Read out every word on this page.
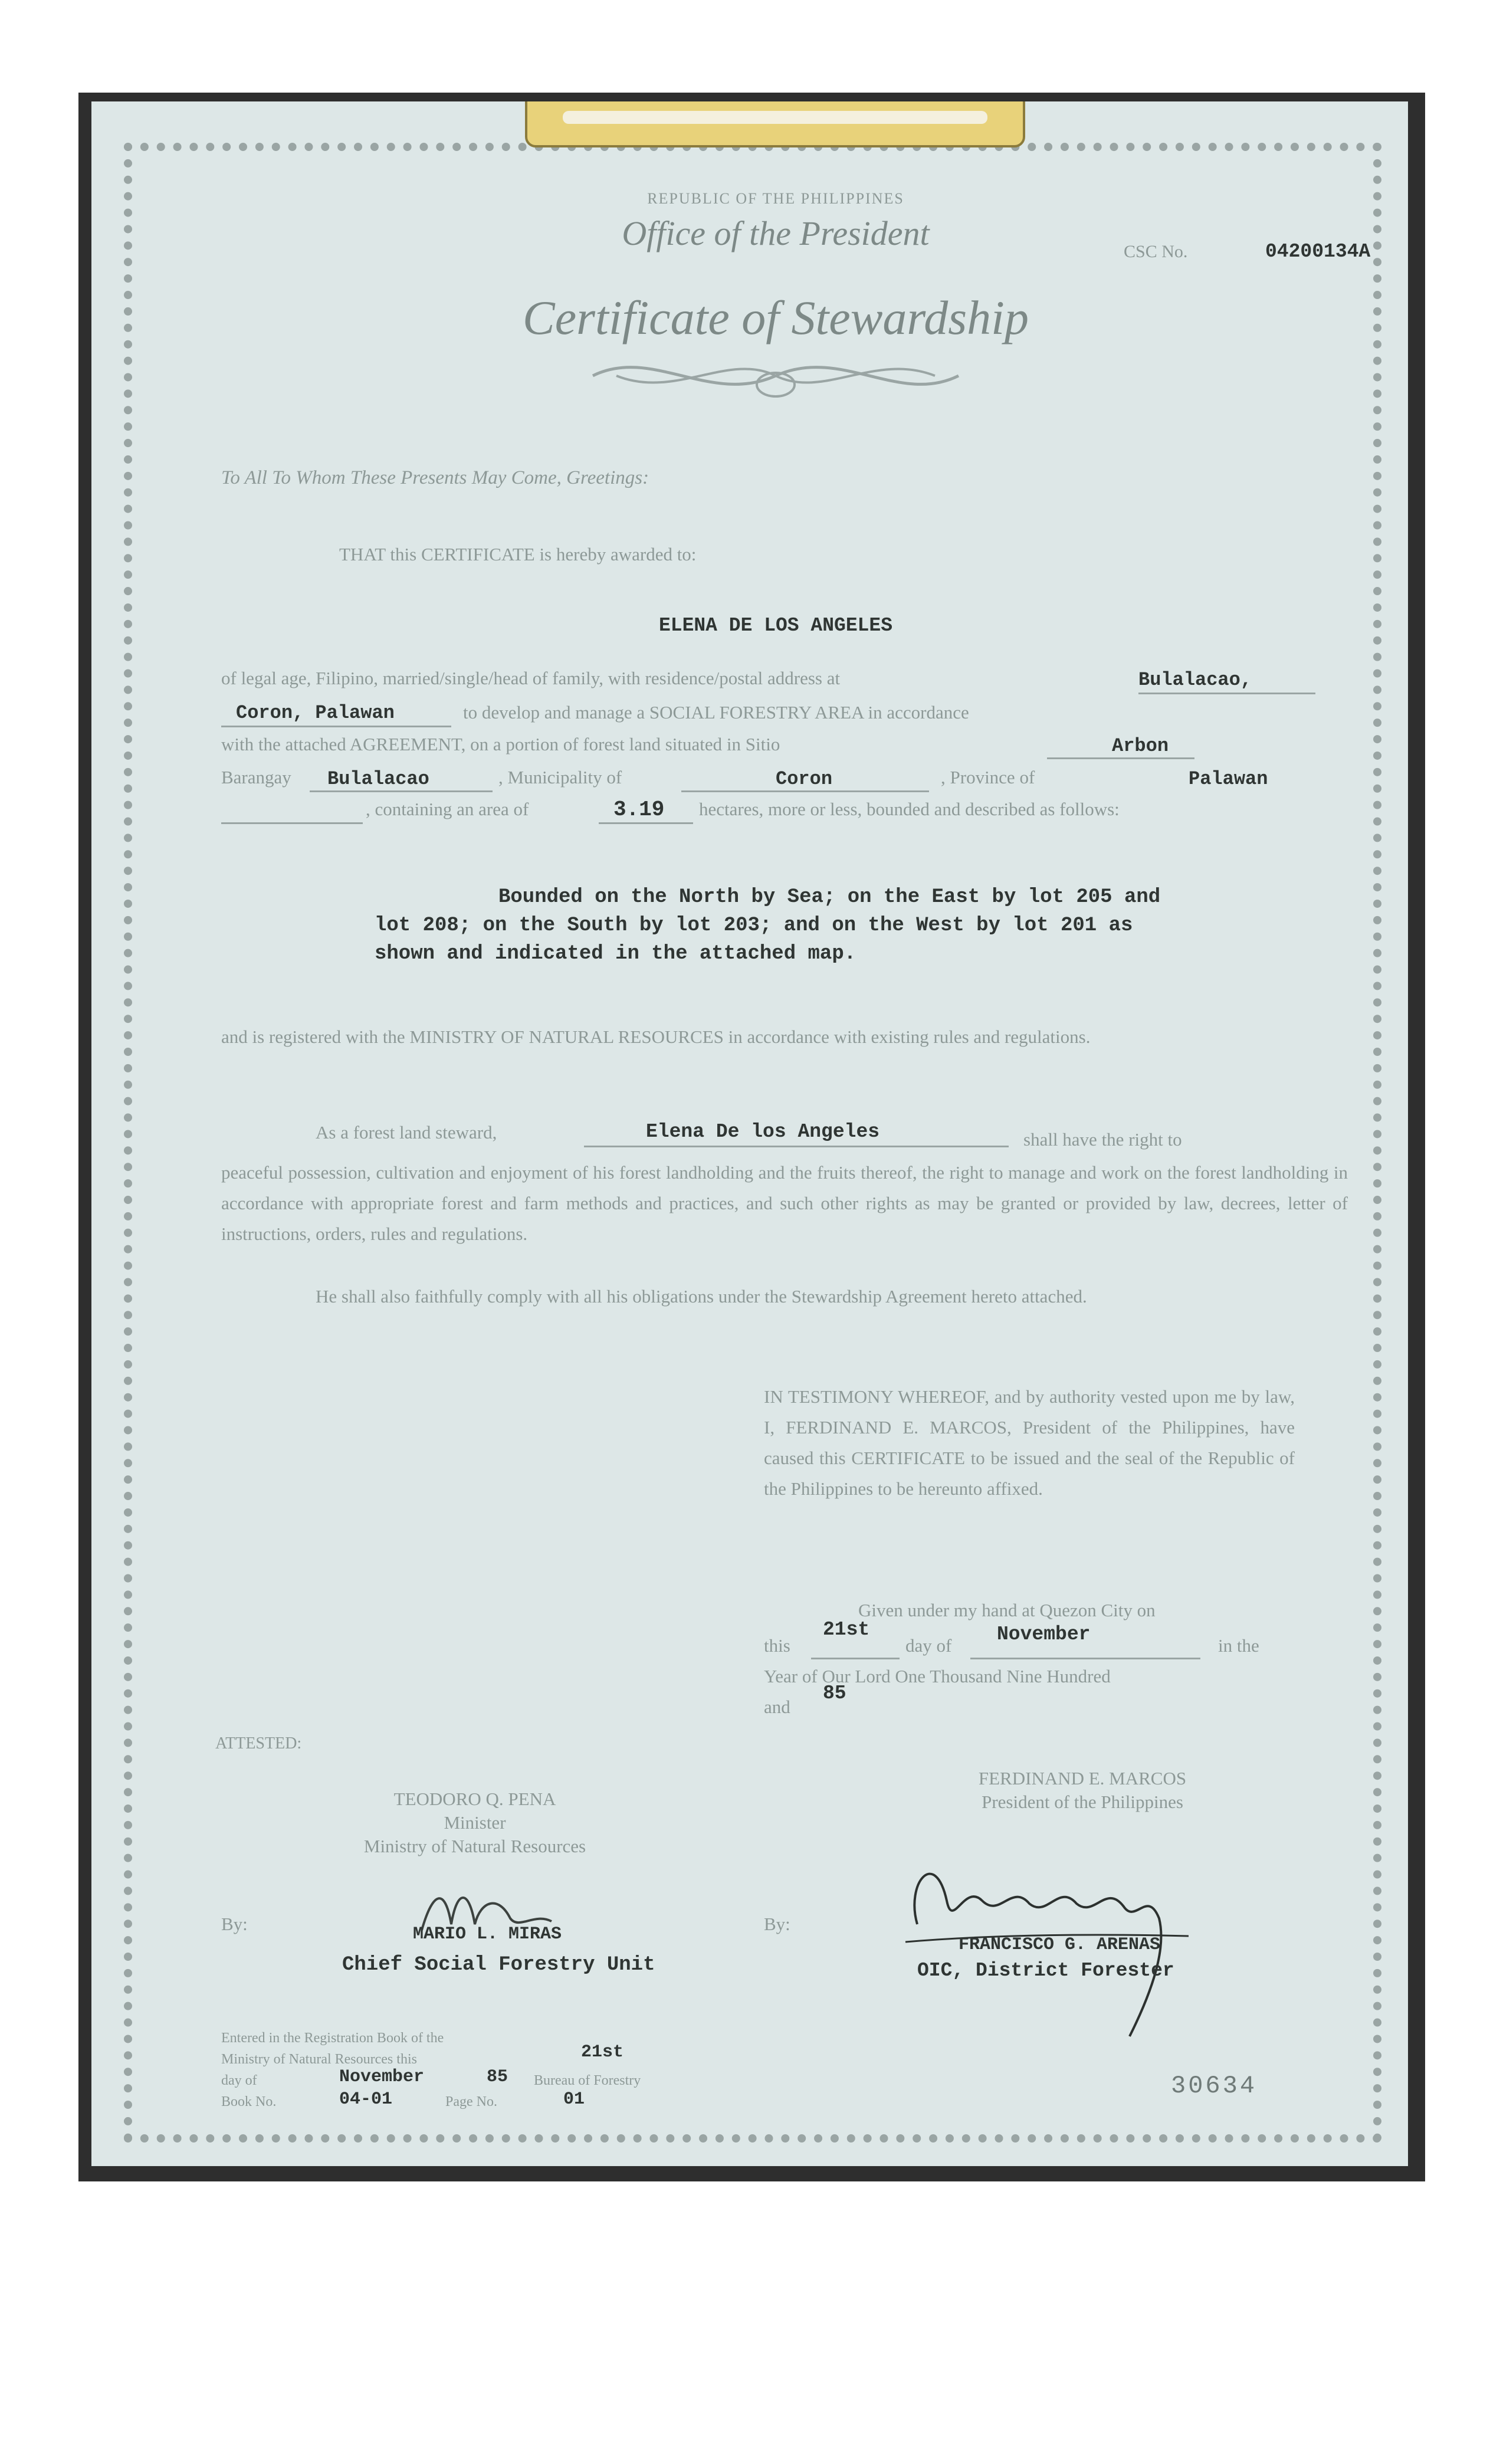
REPUBLIC OF THE PHILIPPINES
Office of the President	CSC No.	04200134A
Certificate of Stewardship
To All To Whom These Presents May Come, Greetings:
THAT this CERTIFICATE is hereby awarded to:
ELENA DE LOS ANGELES
of legal age, Filipino, married/single/head of family, with residence/postal address at	Bulalacao,
Coron, Palawan	to develop and manage a SOCIAL FORESTRY AREA in accordance
with the attached AGREEMENT, on a portion of forest land situated in Sitio	Arbon
Barangay Bulalacao	, Municipality of	Coron	, Province of	Palawan
, containing an area of	3.19 hectares, more or less, bounded and described as follows:
Bounded on the North by Sea; on the East by lot 205 and
lot 208; on the South by lot 203; and on the West by lot 201 as
shown and indicated in the attached map.
and is registered with the MINISTRY OF NATURAL RESOURCES in accordance with existing rules and regulations.
As a forest land steward,	Elena De los Angeles	shall have the right to
peaceful possession, cultivation and enjoyment of his forest landholding and the fruits thereof, the right to manage and work on the forest landholding in accordance with appropriate forest and farm methods and practices, and such other rights as may be granted or provided by law, decrees, letter of instructions, orders, rules and regulations.
He shall also faithfully comply with all his obligations under the Stewardship Agreement hereto attached.
IN TESTIMONY WHEREOF, and by authority vested upon me by law, I, FERDINAND E. MARCOS, President of the Philippines, have caused this CERTIFICATE to be issued and the seal of the Republic of the Philippines to be hereunto affixed.
Given under my hand at Quezon City on
this
21st
day of
November
in the
Year of Our Lord One Thousand Nine Hundred
and
85
ATTESTED:
TEODORO Q. PENA
Minister
Ministry of Natural Resources
FERDINAND E. MARCOS
President of the Philippines
By:	By:
MARIO L. MIRAS
Chief Social Forestry Unit
FRANCISCO G. ARENAS
OIC, District Forester
Entered in the Registration Book of the
Ministry of Natural Resources this	21st
day of	November	85 Bureau of Forestry
Book No.	04-01	Page No.	01	30634
